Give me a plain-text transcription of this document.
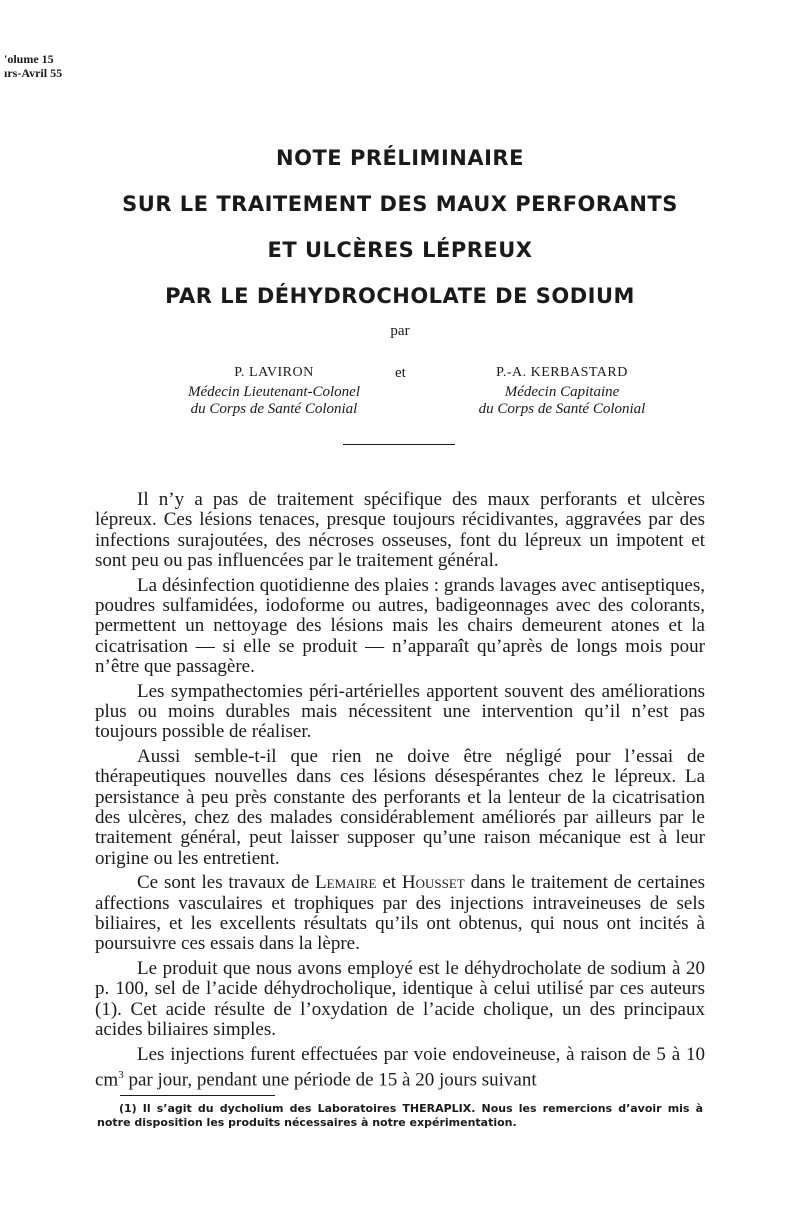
'olume 15
ırs-Avril 55
NOTE PRÉLIMINAIRE
SUR LE TRAITEMENT DES MAUX PERFORANTS
ET ULCÈRES LÉPREUX
PAR LE DÉHYDROCHOLATE DE SODIUM
par
P. LAVIRON
Médecin Lieutenant-Colonel
du Corps de Santé Colonial
et	P.-A. KERBASTARD
Médecin Capitaine
du Corps de Santé Colonial

Il n’y a pas de traitement spécifique des maux perforants et ulcères lépreux. Ces lésions tenaces, presque toujours récidivantes, aggravées par des infections surajoutées, des nécroses osseuses, font du lépreux un impotent et sont peu ou pas influencées par le traitement général.

La désinfection quotidienne des plaies : grands lavages avec antiseptiques, poudres sulfamidées, iodoforme ou autres, badigeonnages avec des colorants, permettent un nettoyage des lésions mais les chairs demeurent atones et la cicatrisation — si elle se produit — n’apparaît qu’après de longs mois pour n’être que passagère.

Les sympathectomies péri-artérielles apportent souvent des améliorations plus ou moins durables mais nécessitent une intervention qu’il n’est pas toujours possible de réaliser.

Aussi semble-t-il que rien ne doive être négligé pour l’essai de thérapeutiques nouvelles dans ces lésions désespérantes chez le lépreux. La persistance à peu près constante des perforants et la lenteur de la cicatrisation des ulcères, chez des malades considérablement améliorés par ailleurs par le traitement général, peut laisser supposer qu’une raison mécanique est à leur origine ou les entretient.

Ce sont les travaux de Lemaire et Housset dans le traitement de certaines affections vasculaires et trophiques par des injections intraveineuses de sels biliaires, et les excellents résultats qu’ils ont obtenus, qui nous ont incités à poursuivre ces essais dans la lèpre.

Le produit que nous avons employé est le déhydrocholate de sodium à 20 p. 100, sel de l’acide déhydrocholique, identique à celui utilisé par ces auteurs (1). Cet acide résulte de l’oxydation de l’acide cholique, un des principaux acides biliaires simples.

Les injections furent effectuées par voie endoveineuse, à raison de 5 à 10 $cm^3$ par jour, pendant une période de 15 à 20 jours suivant

(1) Il s’agit du dycholium des Laboratoires THERAPLIX. Nous les remercions d’avoir mis à notre disposition les produits nécessaires à notre expérimentation.
